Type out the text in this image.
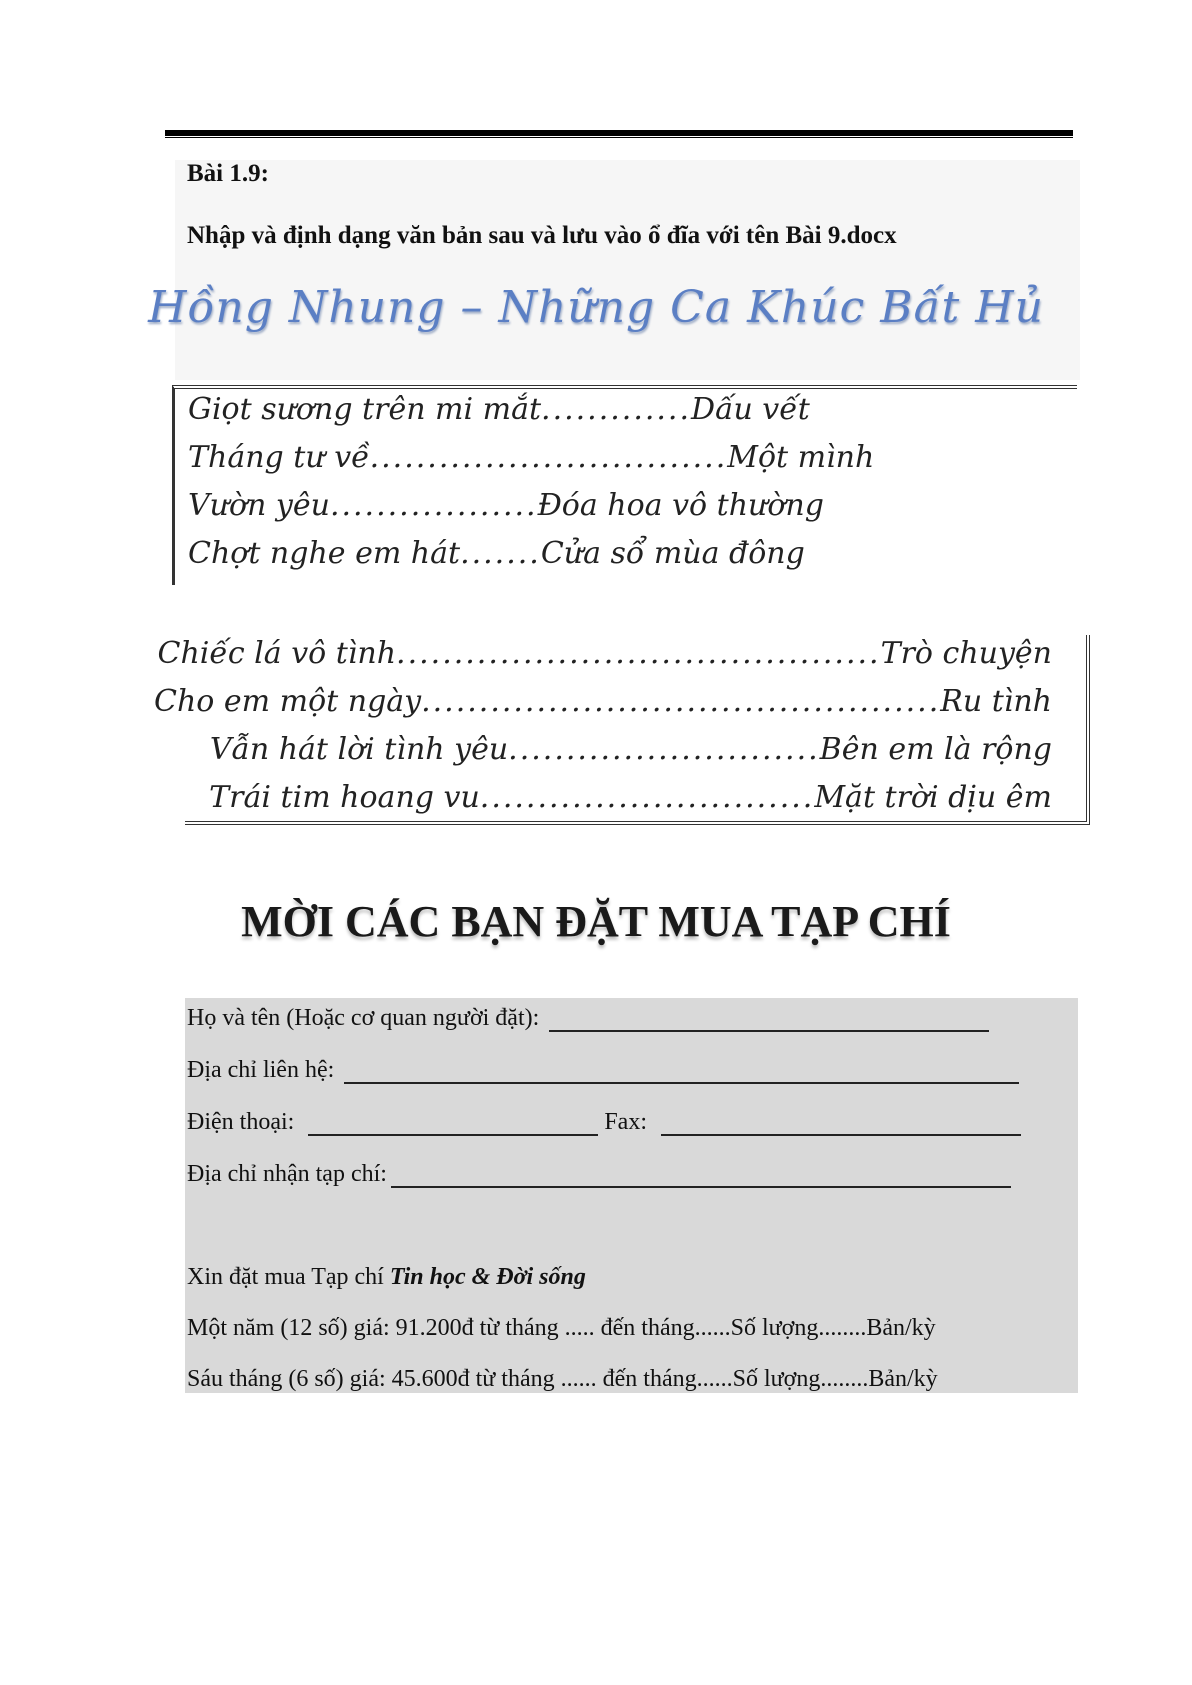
Bài 1.9:
Nhập và định dạng văn bản sau và lưu vào ổ đĩa với tên Bài 9.docx
Hồng Nhung – Những Ca Khúc Bất Hủ
Giọt sương trên mi mắt ............. Dấu vết
Tháng tư về ............................... Một mình
Vườn yêu .................. Đóa hoa vô thường
Chợt nghe em hát ....... Cửa sổ mùa đông
Chiếc lá vô tình .......................................... Trò chuyện
Cho em một ngày ............................................. Ru tình
Vẫn hát lời tình yêu ........................... Bên em là rộng
Trái tim hoang vu ............................. Mặt trời dịu êm
MỜI CÁC BẠN ĐẶT MUA TẠP CHÍ
Họ và tên (Hoặc cơ quan người đặt):
Địa chỉ liên hệ:
Điện thoại:	Fax:
Địa chỉ nhận tạp chí:
Xin đặt mua Tạp chí Tin học & Đời sống
Một năm (12 số) giá: 91.200đ từ tháng ..... đến tháng......Số lượng........Bản/kỳ
Sáu tháng (6 số) giá: 45.600đ từ tháng ...... đến tháng......Số lượng........Bản/kỳ
